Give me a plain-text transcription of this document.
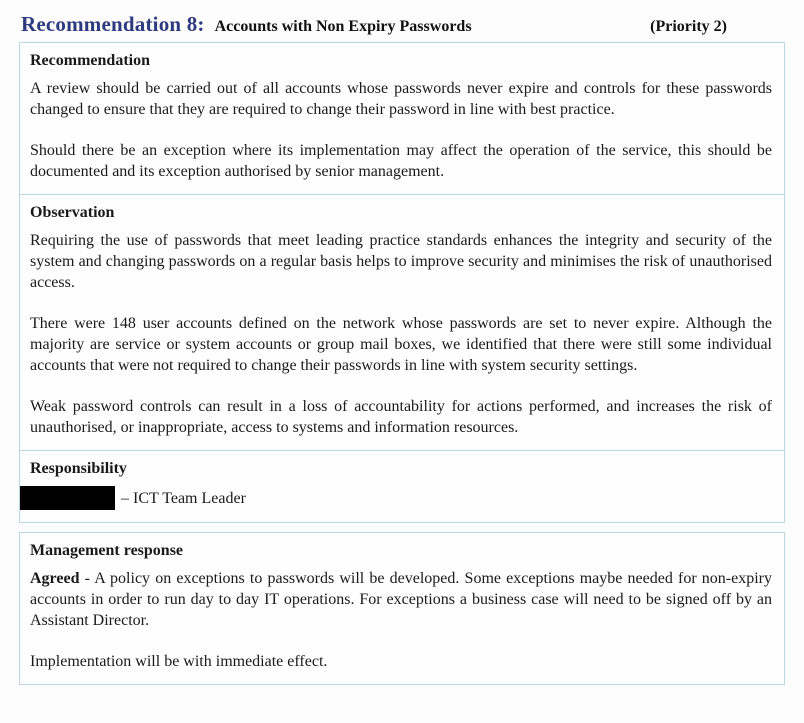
Recommendation 8: Accounts with Non Expiry Passwords	(Priority 2)
Recommendation

A review should be carried out of all accounts whose passwords never expire and controls for these passwords changed to ensure that they are required to change their password in line with best practice.

Should there be an exception where its implementation may affect the operation of the service, this should be documented and its exception authorised by senior management.

Observation

Requiring the use of passwords that meet leading practice standards enhances the integrity and security of the system and changing passwords on a regular basis helps to improve security and minimises the risk of unauthorised access.

There were 148 user accounts defined on the network whose passwords are set to never expire. Although the majority are service or system accounts or group mail boxes, we identified that there were still some individual accounts that were not required to change their passwords in line with system security settings.

Weak password controls can result in a loss of accountability for actions performed, and increases the risk of unauthorised, or inappropriate, access to systems and information resources.

Responsibility
– ICT Team Leader
Management response

Agreed - A policy on exceptions to passwords will be developed. Some exceptions maybe needed for non-expiry accounts in order to run day to day IT operations. For exceptions a business case will need to be signed off by an Assistant Director.

Implementation will be with immediate effect.
